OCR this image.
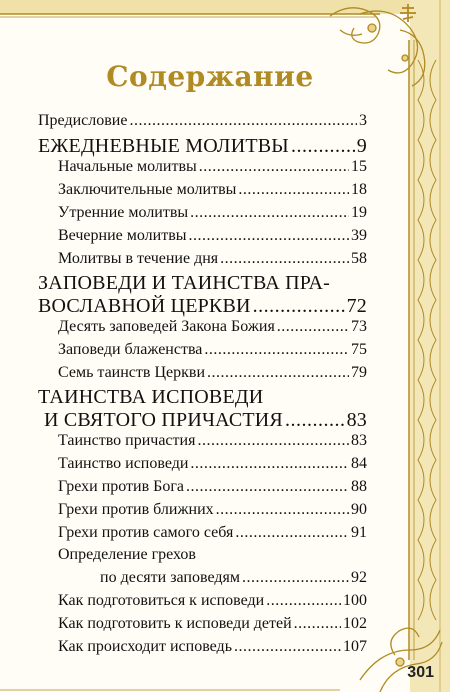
Содержание
Предисловие .....	3
ЕЖЕДНЕВНЫЕ МОЛИТВЫ .....	9
Начальные молитвы .....	15
Заключительные молитвы .....	18
Утренние молитвы .....	19
Вечерние молитвы .....	39
Молитвы в течение дня .....	58
ЗАПОВЕДИ И ТАИНСТВА ПРА-
ВОСЛАВНОЙ ЦЕРКВИ .....	72
Десять заповедей Закона Божия .....	73
Заповеди блаженства .....	75
Семь таинств Церкви .....	79
ТАИНСТВА ИСПОВЕДИ
И СВЯТОГО ПРИЧАСТИЯ .....	83
Таинство причастия .....	83
Таинство исповеди .....	84
Грехи против Бога .....	88
Грехи против ближних .....	90
Грехи против самого себя .....	91
Определение грехов
по десяти заповедям .....	92
Как подготовиться к исповеди .....	100
Как подготовить к исповеди детей .....	102
Как происходит исповедь .....	107
301
